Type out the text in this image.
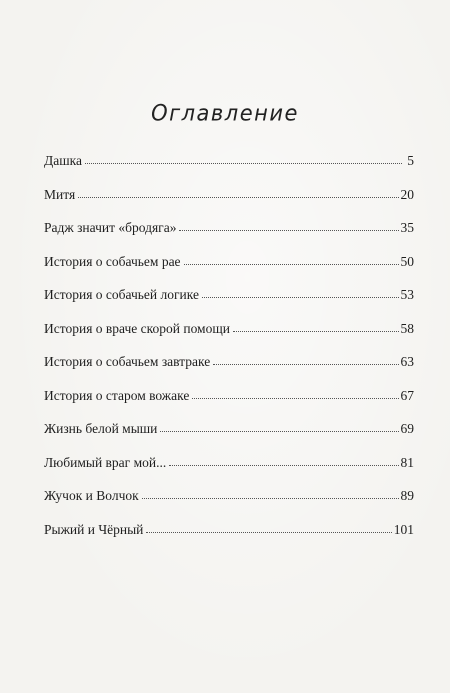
Оглавление
Дашка	5
Митя	20
Радж значит «бродяга»	35
История о собачьем рае	50
История о собачьей логике	53
История о враче скорой помощи	58
История о собачьем завтраке	63
История о старом вожаке	67
Жизнь белой мыши	69
Любимый враг мой...	81
Жучок и Волчок	89
Рыжий и Чёрный	101
